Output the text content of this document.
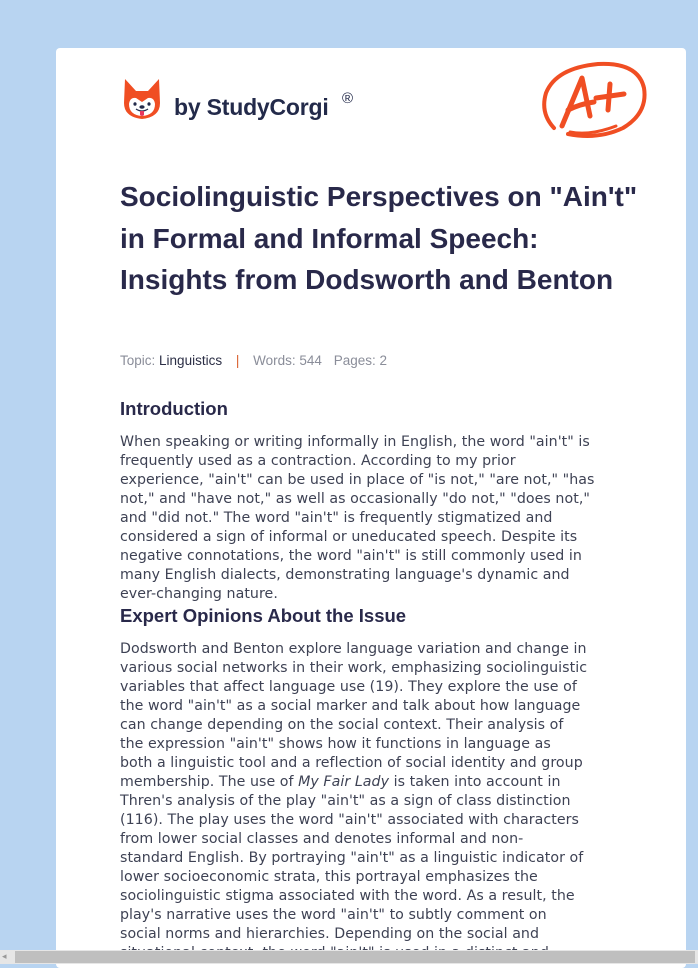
by StudyCorgi ®
Sociolinguistic Perspectives on "Ain't" in Formal and Informal Speech: Insights from Dodsworth and Benton
Topic: Linguistics | Words: 544 Pages: 2
Introduction
When speaking or writing informally in English, the word "ain't" is
frequently used as a contraction. According to my prior
experience, "ain't" can be used in place of "is not," "are not," "has
not," and "have not," as well as occasionally "do not," "does not,"
and "did not." The word "ain't" is frequently stigmatized and
considered a sign of informal or uneducated speech. Despite its
negative connotations, the word "ain't" is still commonly used in
many English dialects, demonstrating language's dynamic and
ever-changing nature.
Expert Opinions About the Issue
Dodsworth and Benton explore language variation and change in
various social networks in their work, emphasizing sociolinguistic
variables that affect language use (19). They explore the use of
the word "ain't" as a social marker and talk about how language
can change depending on the social context. Their analysis of
the expression "ain't" shows how it functions in language as
both a linguistic tool and a reflection of social identity and group
membership. The use of My Fair Lady is taken into account in
Thren's analysis of the play "ain't" as a sign of class distinction
(116). The play uses the word "ain't" associated with characters
from lower social classes and denotes informal and non-
standard English. By portraying "ain't" as a linguistic indicator of
lower socioeconomic strata, this portrayal emphasizes the
sociolinguistic stigma associated with the word. As a result, the
play's narrative uses the word "ain't" to subtly comment on
social norms and hierarchies. Depending on the social and
◂
